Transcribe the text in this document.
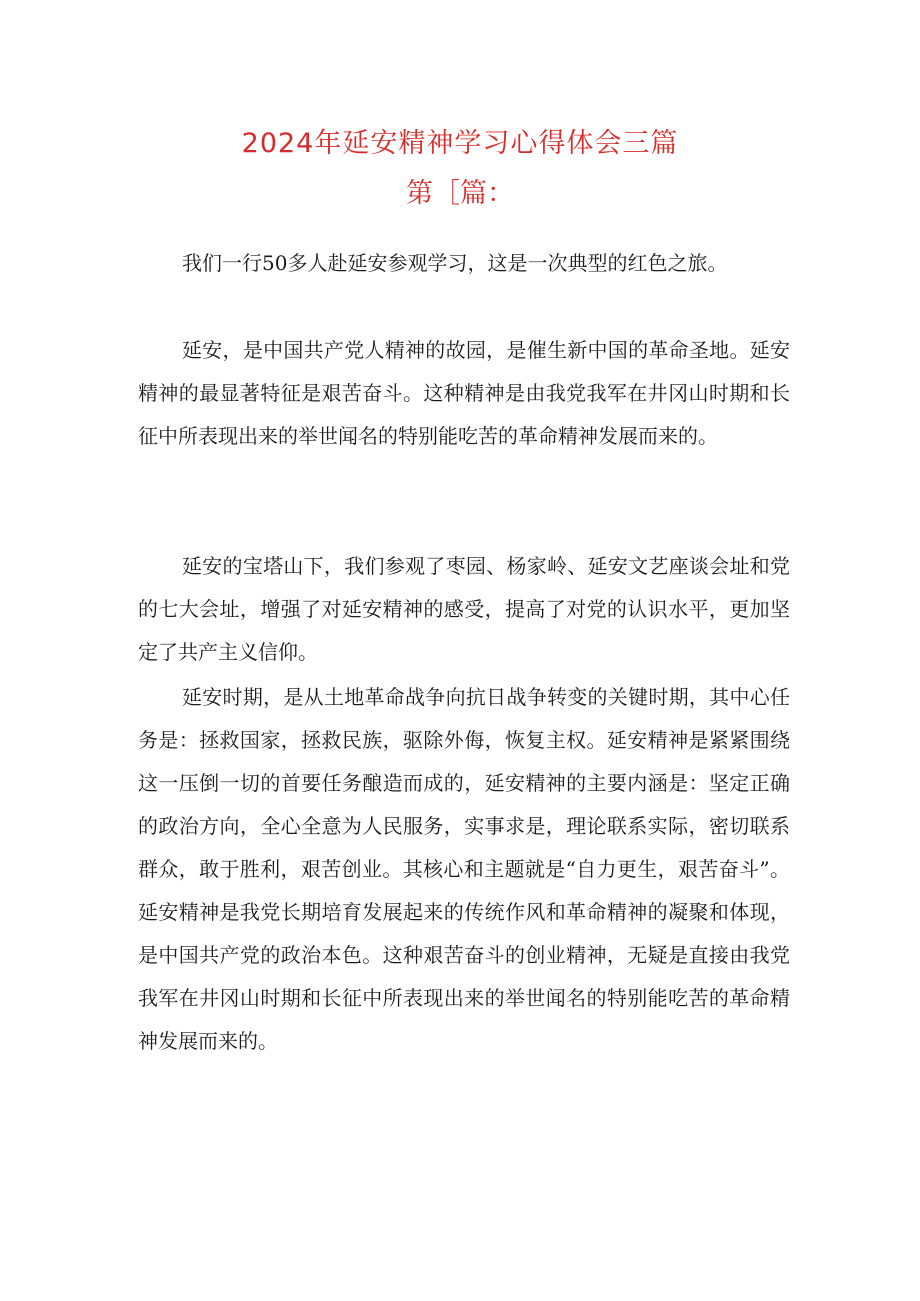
2024年延安精神学习心得体会三篇
第［篇：

我们一行50多人赴延安参观学习，这是一次典型的红色之旅。

延安，是中国共产党人精神的故园，是催生新中国的革命圣地。延安精神的最显著特征是艰苦奋斗。这种精神是由我党我军在井冈山时期和长征中所表现出来的举世闻名的特别能吃苦的革命精神发展而来的。

延安的宝塔山下，我们参观了枣园、杨家岭、延安文艺座谈会址和党的七大会址，增强了对延安精神的感受，提高了对党的认识水平，更加坚定了共产主义信仰。

延安时期，是从土地革命战争向抗日战争转变的关键时期，其中心任务是：拯救国家，拯救民族，驱除外侮，恢复主权。延安精神是紧紧围绕这一压倒一切的首要任务酿造而成的，延安精神的主要内涵是：坚定正确的政治方向，全心全意为人民服务，实事求是，理论联系实际，密切联系群众，敢于胜利，艰苦创业。其核心和主题就是“自力更生，艰苦奋斗”。延安精神是我党长期培育发展起来的传统作风和革命精神的凝聚和体现，是中国共产党的政治本色。这种艰苦奋斗的创业精神，无疑是直接由我党我军在井冈山时期和长征中所表现出来的举世闻名的特别能吃苦的革命精神发展而来的。
